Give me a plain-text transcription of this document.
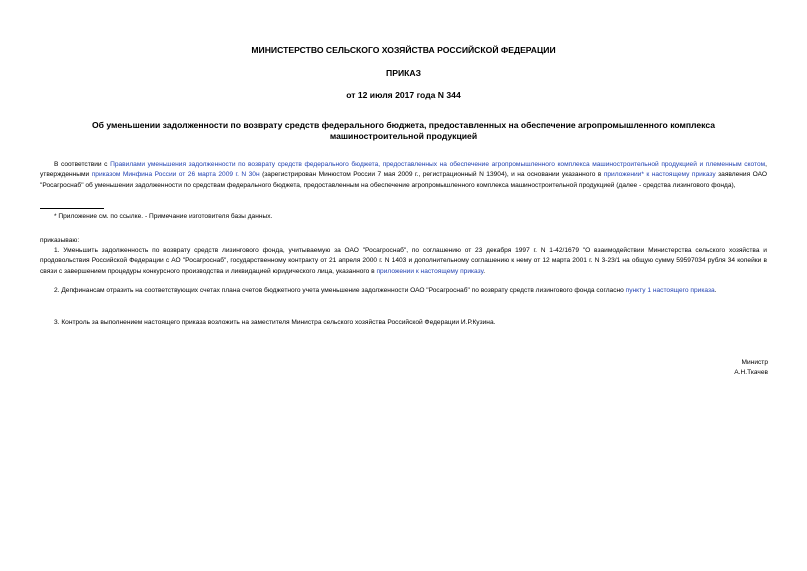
МИНИСТЕРСТВО СЕЛЬСКОГО ХОЗЯЙСТВА РОССИЙСКОЙ ФЕДЕРАЦИИ
ПРИКАЗ
от 12 июля 2017 года N 344
Об уменьшении задолженности по возврату средств федерального бюджета, предоставленных на обеспечение агропромышленного комплекса машиностроительной продукцией
В соответствии с Правилами уменьшения задолженности по возврату средств федерального бюджета, предоставленных на обеспечение агропромышленного комплекса машиностроительной продукцией и племенным скотом, утвержденными приказом Минфина России от 26 марта 2009 г. N 30н (зарегистрирован Минюстом России 7 мая 2009 г., регистрационный N 13904), и на основании указанного в приложении* к настоящему приказу заявления ОАО "Росагроснаб" об уменьшении задолженности по средствам федерального бюджета, предоставленным на обеспечение агропромышленного комплекса машиностроительной продукцией (далее - средства лизингового фонда),
* Приложение см. по ссылке. - Примечание изготовителя базы данных.
приказываю:
1. Уменьшить задолженность по возврату средств лизингового фонда, учитываемую за ОАО "Росагроснаб", по соглашению от 23 декабря 1997 г. N 1-42/1679 "О взаимодействии Министерства сельского хозяйства и продовольствия Российской Федерации с АО "Росагроснаб", государственному контракту от 21 апреля 2000 г. N 1403 и дополнительному соглашению к нему от 12 марта 2001 г. N 3-23/1 на общую сумму 59597034 рубля 34 копейки в связи с завершением процедуры конкурсного производства и ликвидацией юридического лица, указанного в приложении к настоящему приказу.
2. Депфинансам отразить на соответствующих счетах плана счетов бюджетного учета уменьшение задолженности ОАО "Росагроснаб" по возврату средств лизингового фонда согласно пункту 1 настоящего приказа.
3. Контроль за выполнением настоящего приказа возложить на заместителя Министра сельского хозяйства Российской Федерации И.Р.Кузина.
Министр
А.Н.Ткачев
